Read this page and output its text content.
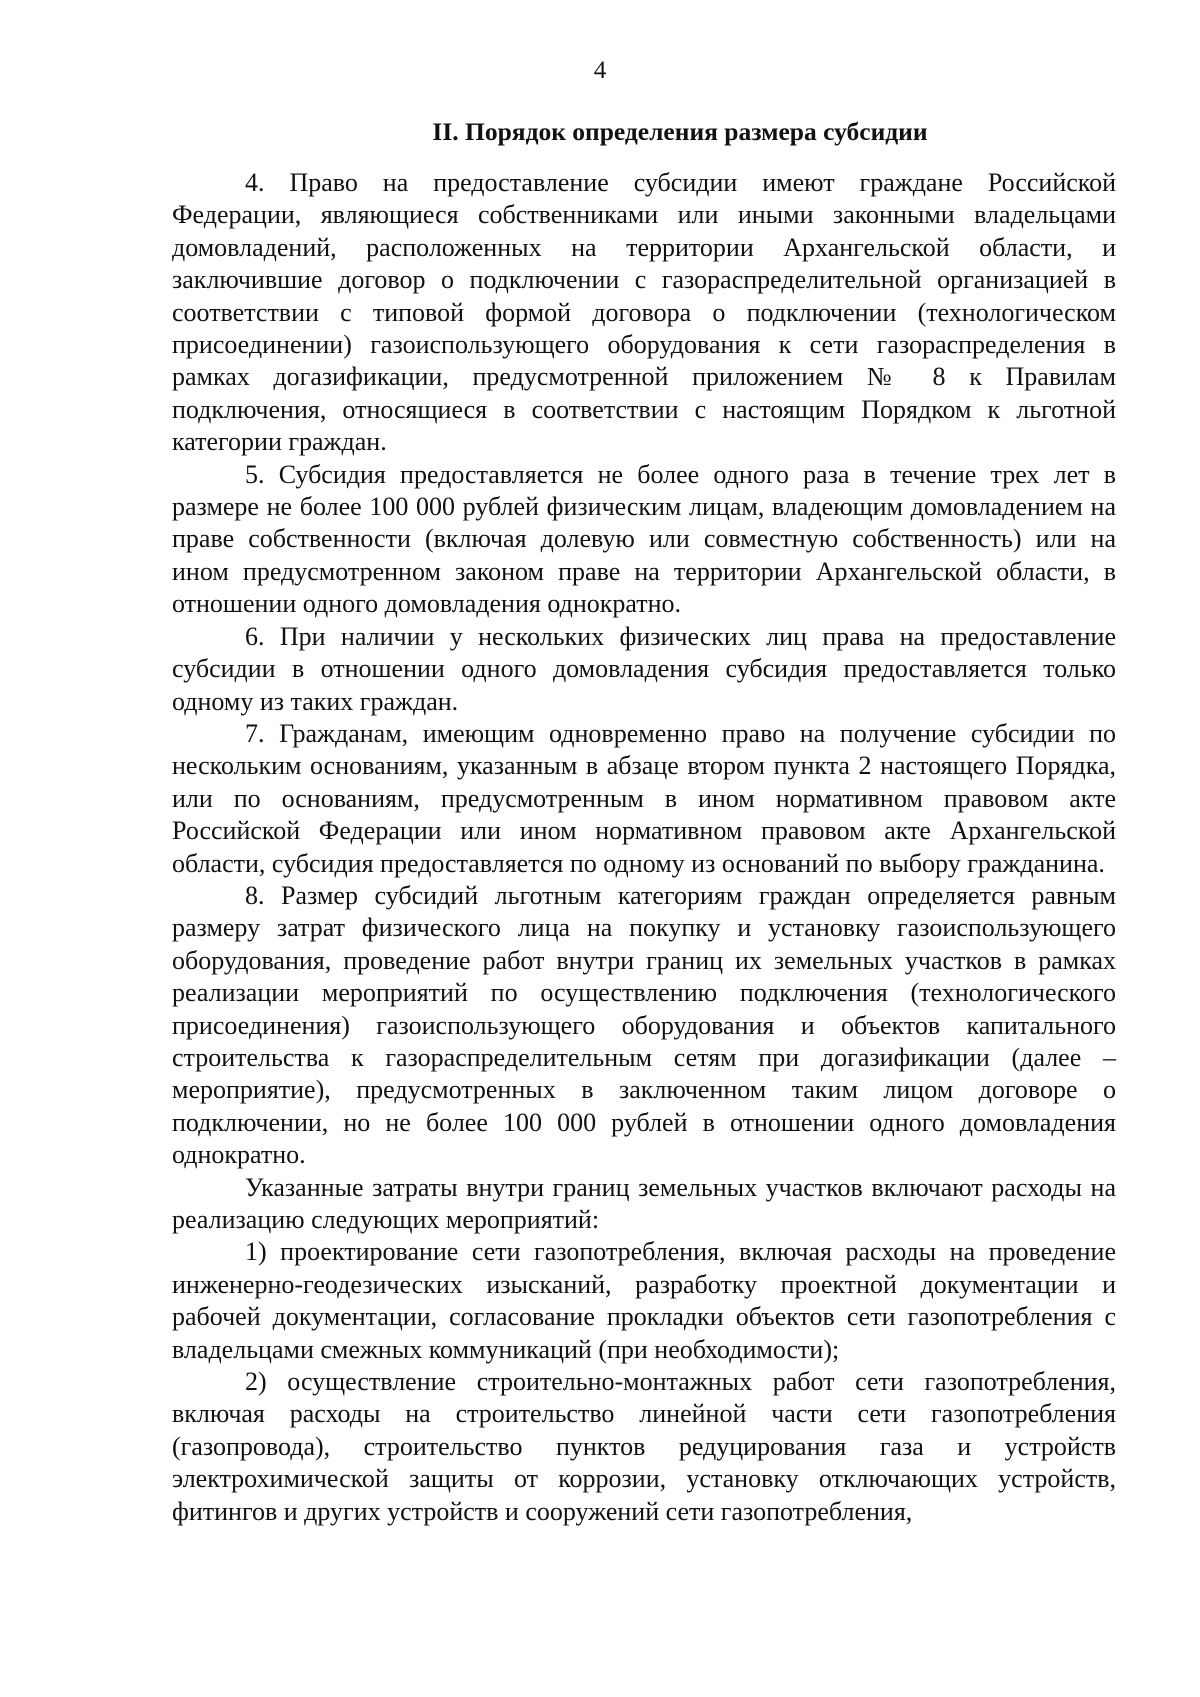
4
II. Порядок определения размера субсидии

4. Право на предоставление субсидии имеют граждане Российской Федерации, являющиеся собственниками или иными законными владельцами домовладений, расположенных на территории Архангельской области, и заключившие договор о подключении с газораспределительной организацией в соответствии с типовой формой договора о подключении (технологическом присоединении) газоиспользующего оборудования к сети газораспределения в рамках догазификации, предусмотренной приложением № 8 к Правилам подключения, относящиеся в соответствии с настоящим Порядком к льготной категории граждан.

5. Субсидия предоставляется не более одного раза в течение трех лет в размере не более 100 000 рублей физическим лицам, владеющим домовладением на праве собственности (включая долевую или совместную собственность) или на ином предусмотренном законом праве на территории Архангельской области, в отношении одного домовладения однократно.

6. При наличии у нескольких физических лиц права на предоставление субсидии в отношении одного домовладения субсидия предоставляется только одному из таких граждан.

7. Гражданам, имеющим одновременно право на получение субсидии по нескольким основаниям, указанным в абзаце втором пункта 2 настоящего Порядка, или по основаниям, предусмотренным в ином нормативном правовом акте Российской Федерации или ином нормативном правовом акте Архангельской области, субсидия предоставляется по одному из оснований по выбору гражданина.

8. Размер субсидий льготным категориям граждан определяется равным размеру затрат физического лица на покупку и установку газоиспользующего оборудования, проведение работ внутри границ их земельных участков в рамках реализации мероприятий по осуществлению подключения (технологического присоединения) газоиспользующего оборудования и объектов капитального строительства к газораспределительным сетям при догазификации (далее – мероприятие), предусмотренных в заключенном таким лицом договоре о подключении, но не более 100 000 рублей в отношении одного домовладения однократно.

Указанные затраты внутри границ земельных участков включают расходы на реализацию следующих мероприятий:

1) проектирование сети газопотребления, включая расходы на проведение инженерно-геодезических изысканий, разработку проектной документации и рабочей документации, согласование прокладки объектов сети газопотребления с владельцами смежных коммуникаций (при необходимости);

2) осуществление строительно-монтажных работ сети газопотребления, включая расходы на строительство линейной части сети газопотребления (газопровода), строительство пунктов редуцирования газа и устройств электрохимической защиты от коррозии, установку отключающих устройств, фитингов и других устройств и сооружений сети газопотребления,
